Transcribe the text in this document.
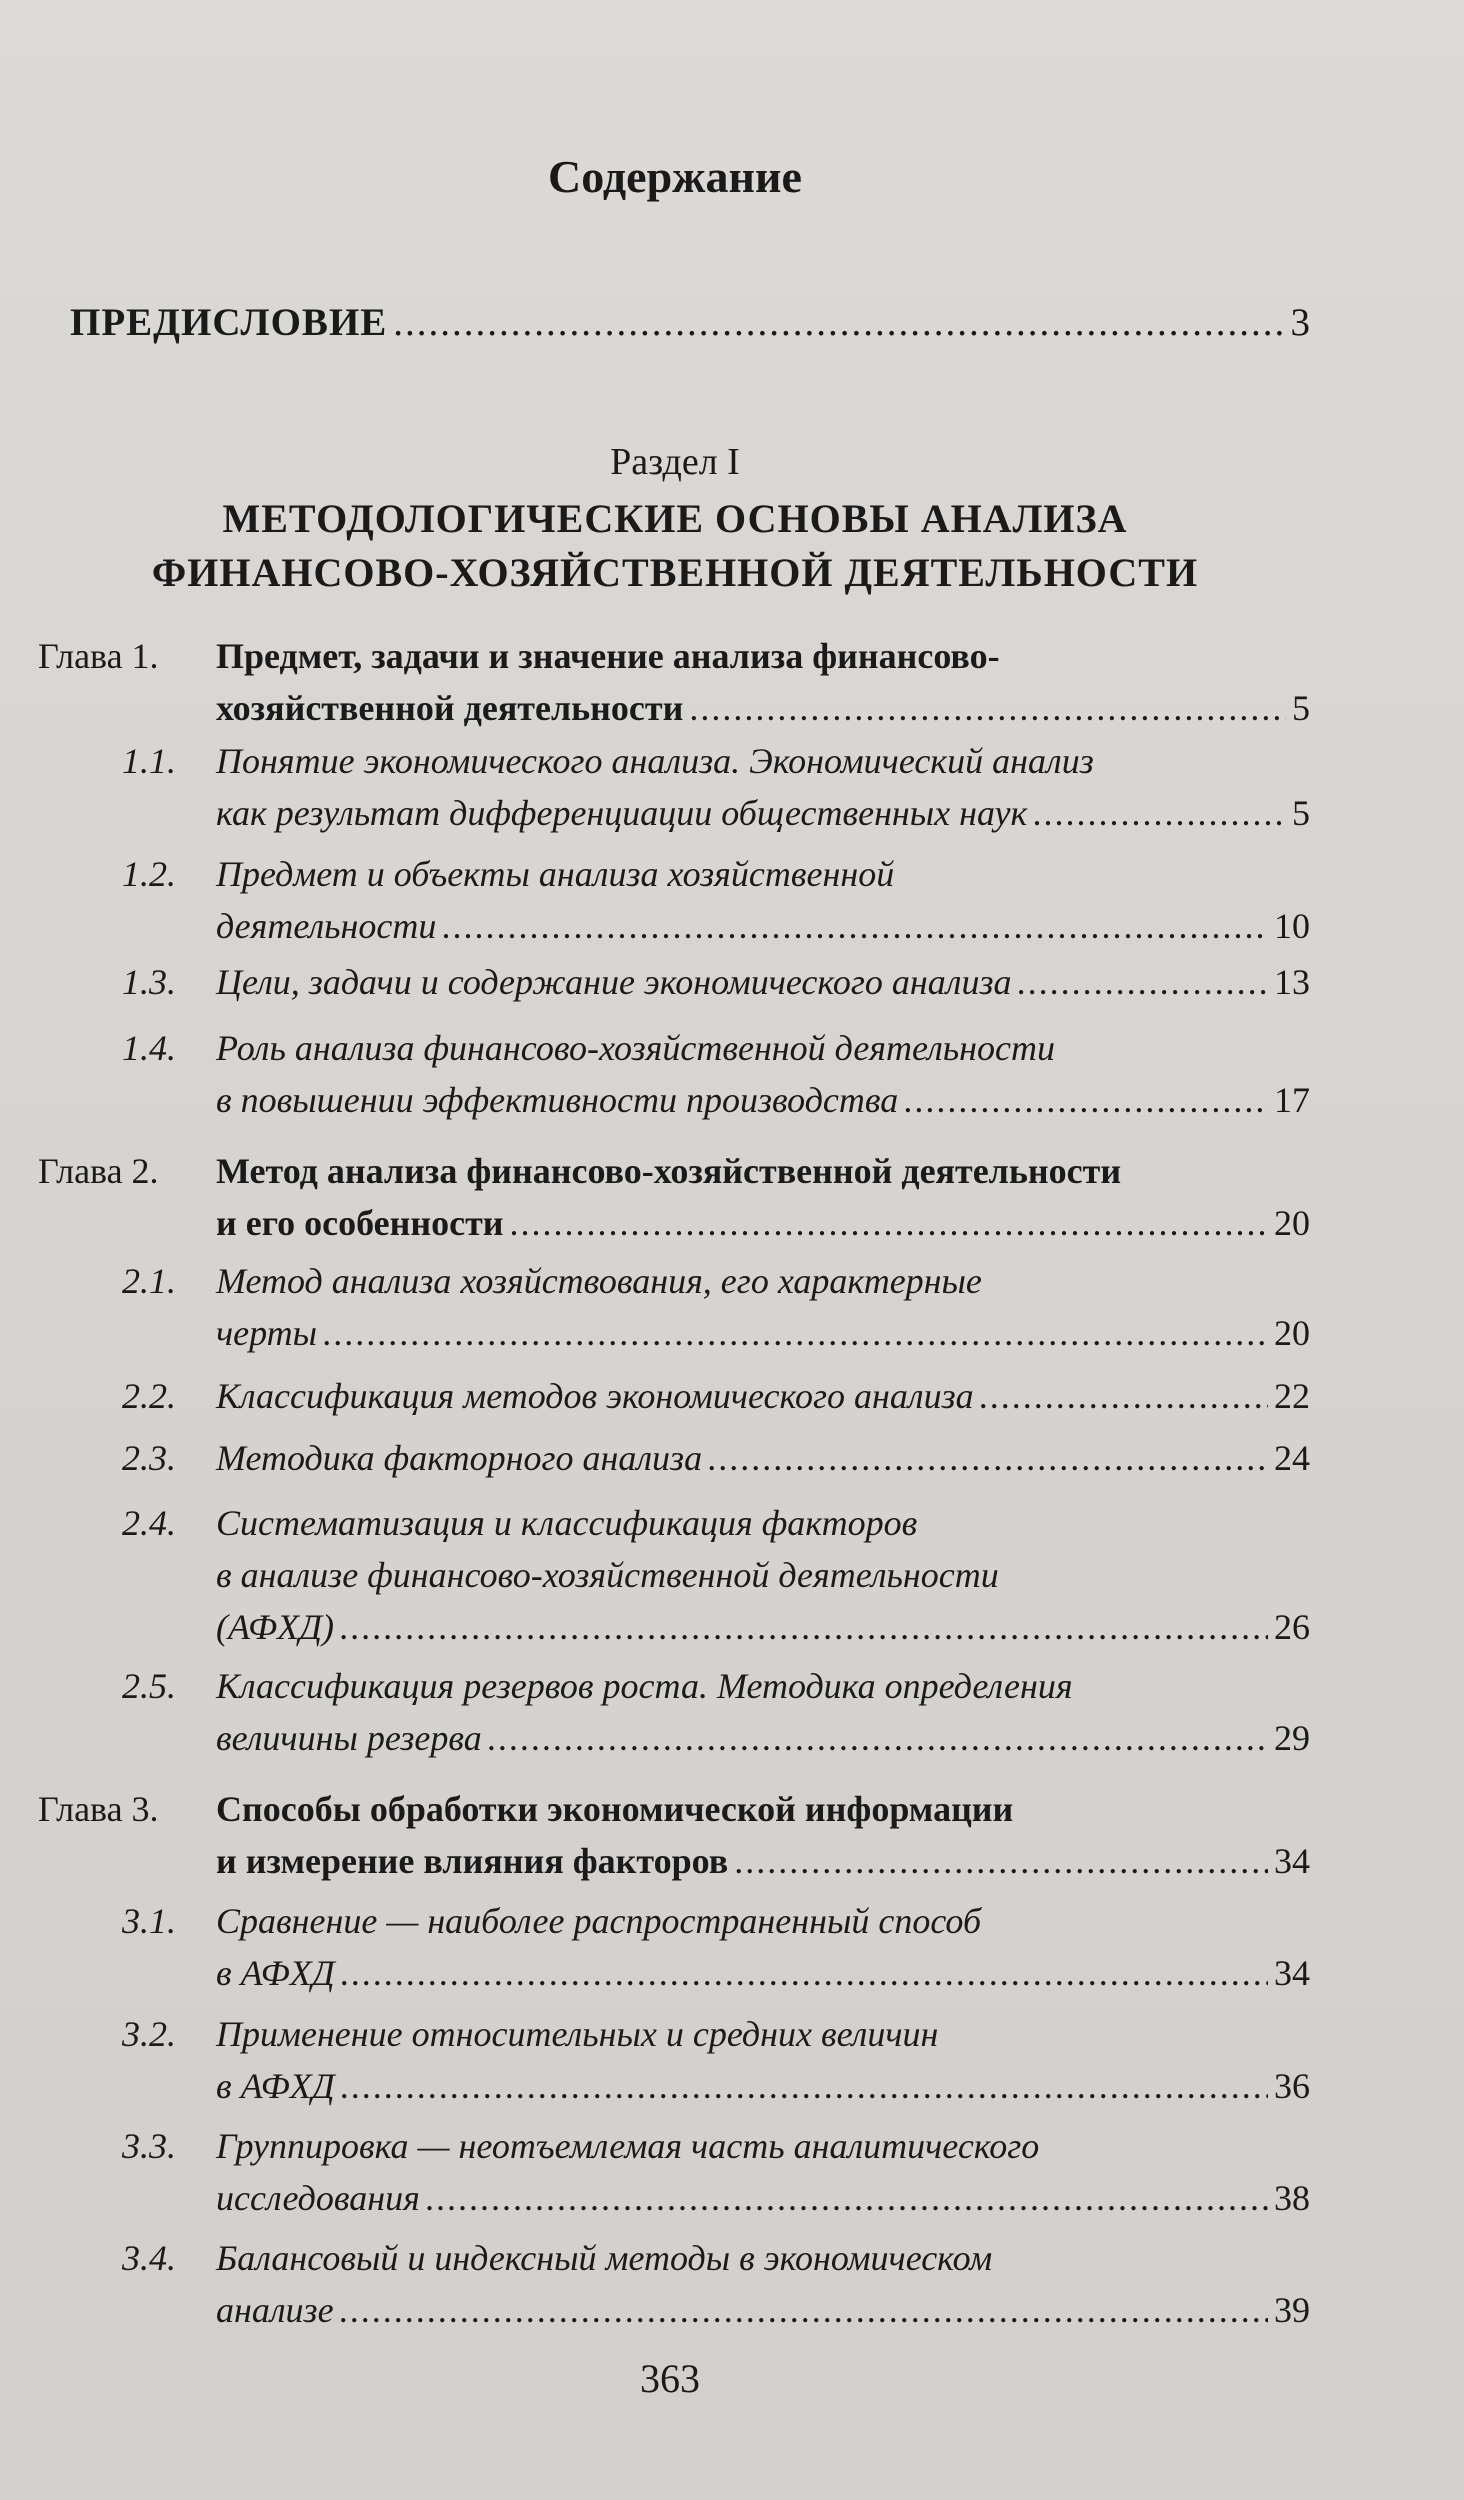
Содержание
ПРЕДИСЛОВИЕ .....	3
Раздел I
МЕТОДОЛОГИЧЕСКИЕ ОСНОВЫ АНАЛИЗА
ФИНАНСОВО-ХОЗЯЙСТВЕННОЙ ДЕЯТЕЛЬНОСТИ
Глава 1. Предмет, задачи и значение анализа финансово-
хозяйственной деятельности .....	5
1.1. Понятие экономического анализа. Экономический анализ
как результат дифференциации общественных наук .....	5
1.2. Предмет и объекты анализа хозяйственной
деятельности .....	10
1.3. Цели, задачи и содержание экономического анализа .....	13
1.4. Роль анализа финансово-хозяйственной деятельности
в повышении эффективности производства .....	17
Глава 2. Метод анализа финансово-хозяйственной деятельности
и его особенности .....	20
2.1. Метод анализа хозяйствования, его характерные
черты .....	20
2.2. Классификация методов экономического анализа .....	22
2.3. Методика факторного анализа .....	24
2.4. Систематизация и классификация факторов
в анализе финансово-хозяйственной деятельности
(АФХД) .....	26
2.5. Классификация резервов роста. Методика определения
величины резерва .....	29
Глава 3. Способы обработки экономической информации
и измерение влияния факторов .....	34
3.1. Сравнение — наиболее распространенный способ
в АФХД .....	34
3.2. Применение относительных и средних величин
в АФХД .....	36
3.3. Группировка — неотъемлемая часть аналитического
исследования .....	38
3.4. Балансовый и индексный методы в экономическом
анализе .....	39
363
